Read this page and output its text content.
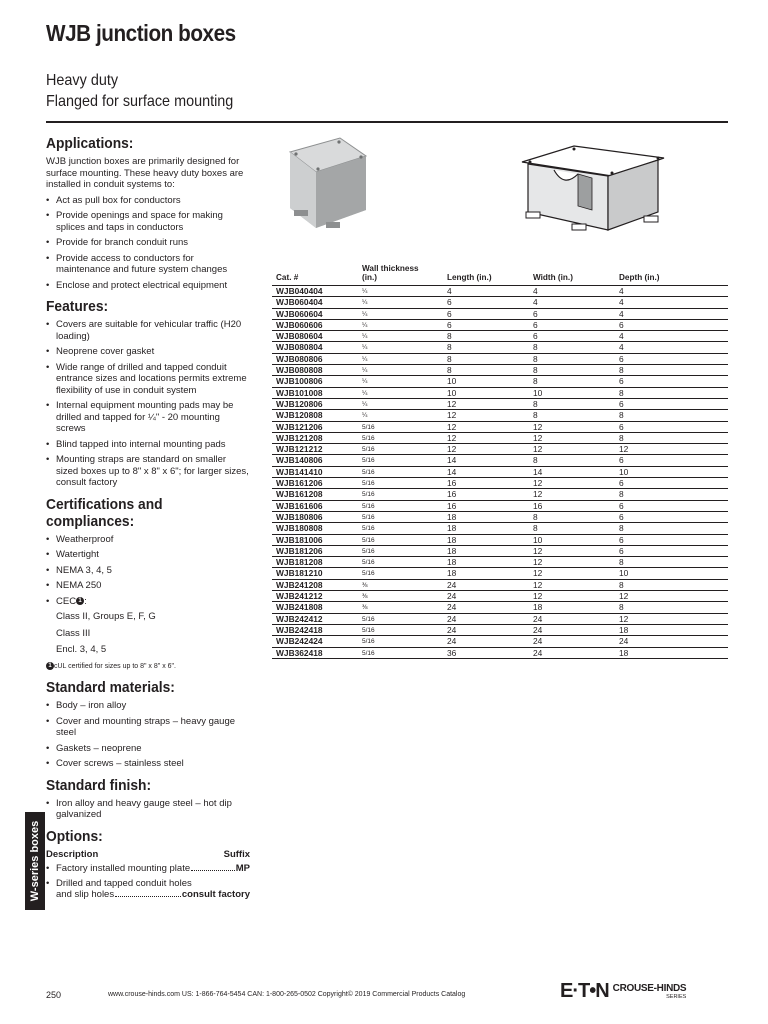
WJB junction boxes
Heavy duty
Flanged for surface mounting
Applications:

WJB junction boxes are primarily designed for surface mounting. These heavy duty boxes are installed in conduit systems to:

• Act as pull box for conductors
• Provide openings and space for making splices and taps in conductors
• Provide for branch conduit runs
• Provide access to conductors for maintenance and future system changes
• Enclose and protect electrical equipment
Features:
• Covers are suitable for vehicular traffic (H20 loading)
• Neoprene cover gasket
• Wide range of drilled and tapped conduit entrance sizes and locations permits extreme flexibility of use in conduit system
• Internal equipment mounting pads may be drilled and tapped for ¼" - 20 mounting screws
• Blind tapped into internal mounting pads
• Mounting straps are standard on smaller sized boxes up to 8" x 8" x 6"; for larger sizes, consult factory
Certifications and
compliances:
• Weatherproof
• Watertight
• NEMA 3, 4, 5
• NEMA 250
• CEC 1 :
Class II, Groups E, F, G
Class III
Encl. 3, 4, 5
1 cUL certified for sizes up to 8" x 8" x 6".
Standard materials:
• Body – iron alloy
• Cover and mounting straps – heavy gauge steel
• Gaskets – neoprene
• Cover screws – stainless steel
Standard finish:
• Iron alloy and heavy gauge steel – hot dip galvanized
Options:
Description	Suffix
• Factory installed mounting plate	MP
• Drilled and tapped conduit holes
and slip holes	consult factory
W-series boxes
Cat. #
Wall thickness
(in.)	Length (in.)	Width (in.)	Depth (in.)
WJB040404	¼	4	4	4
WJB060404	¼	6	4	4
WJB060604	¼	6	6	4
WJB060606	¼	6	6	6
WJB080604	¼	8	6	4
WJB080804	¼	8	8	4
WJB080806	¼	8	8	6
WJB080808	¼	8	8	8
WJB100806	¼	10	8	6
WJB101008	¼	10	10	8
WJB120806	¼	12	8	6
WJB120808	¼	12	8	8
WJB121206	5/16	12	12	6
WJB121208	5/16	12	12	8
WJB121212	5/16	12	12	12
WJB140806	5/16	14	8	6
WJB141410	5/16	14	14	10
WJB161206	5/16	16	12	6
WJB161208	5/16	16	12	8
WJB161606	5/16	16	16	6
WJB180806	5/16	18	8	6
WJB180808	5/16	18	8	8
WJB181006	5/16	18	10	6
WJB181206	5/16	18	12	6
WJB181208	5/16	18	12	8
WJB181210	5/16	18	12	10
WJB241208	⅜	24	12	8
WJB241212	⅜	24	12	12
WJB241808	⅜	24	18	8
WJB242412	5/16	24	24	12
WJB242418	5/16	24	24	18
WJB242424	5/16	24	24	24
WJB362418	5/16	36	24	18
250	www.crouse-hinds.com US: 1-866-764-5454 CAN: 1-800-265-0502 Copyright© 2019 Commercial Products Catalog	E·T•N CROUSE-HINDS
SERIES
